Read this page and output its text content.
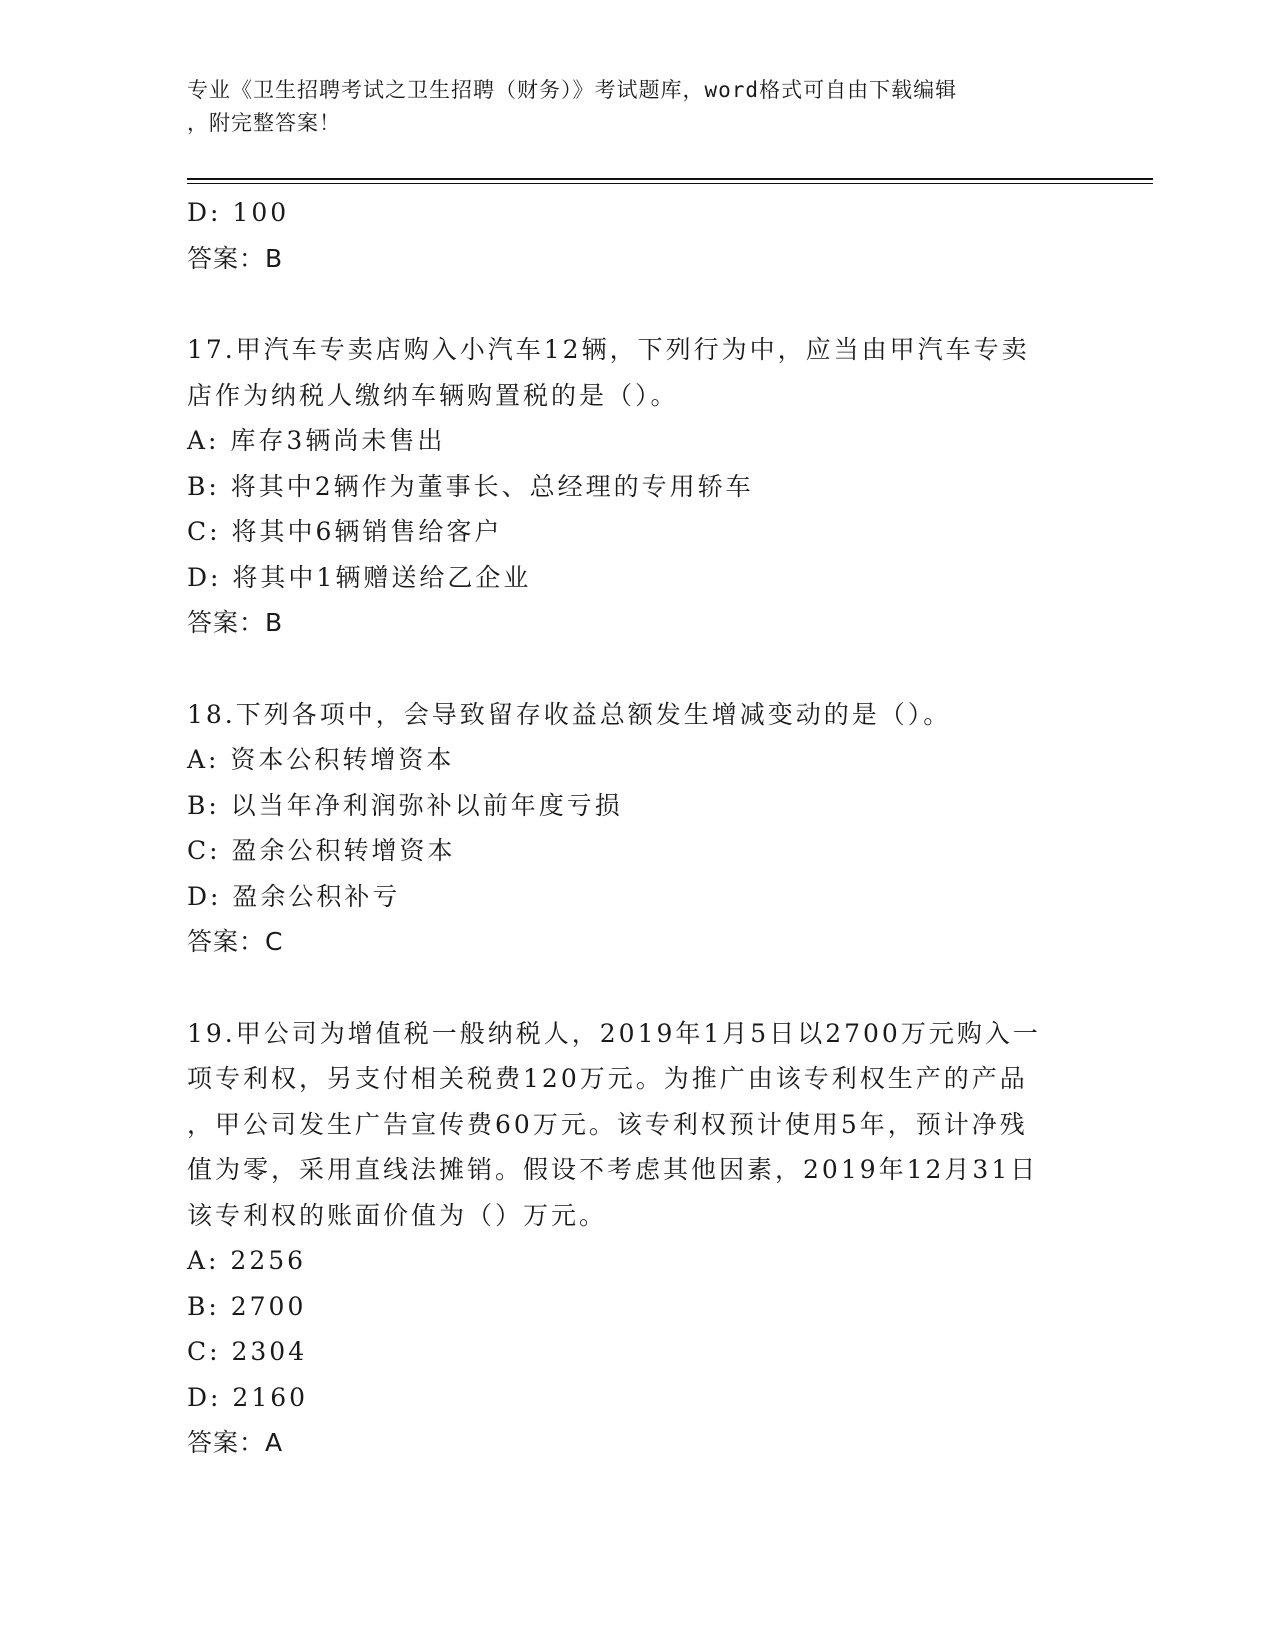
专业《卫生招聘考试之卫生招聘（财务）》考试题库，word格式可自由下载编辑
，附完整答案！
D: 100
答案：B
17.甲汽车专卖店购入小汽车12辆，下列行为中，应当由甲汽车专卖
店作为纳税人缴纳车辆购置税的是（）。
A: 库存3辆尚未售出
B: 将其中2辆作为董事长、总经理的专用轿车
C: 将其中6辆销售给客户
D: 将其中1辆赠送给乙企业
答案：B
18.下列各项中，会导致留存收益总额发生增减变动的是（）。
A: 资本公积转增资本
B: 以当年净利润弥补以前年度亏损
C: 盈余公积转增资本
D: 盈余公积补亏
答案：C
19.甲公司为增值税一般纳税人，2019年1月5日以2700万元购入一
项专利权，另支付相关税费120万元。为推广由该专利权生产的产品
，甲公司发生广告宣传费60万元。该专利权预计使用5年，预计净残
值为零，采用直线法摊销。假设不考虑其他因素，2019年12月31日
该专利权的账面价值为（）万元。
A: 2256
B: 2700
C: 2304
D: 2160
答案：A
